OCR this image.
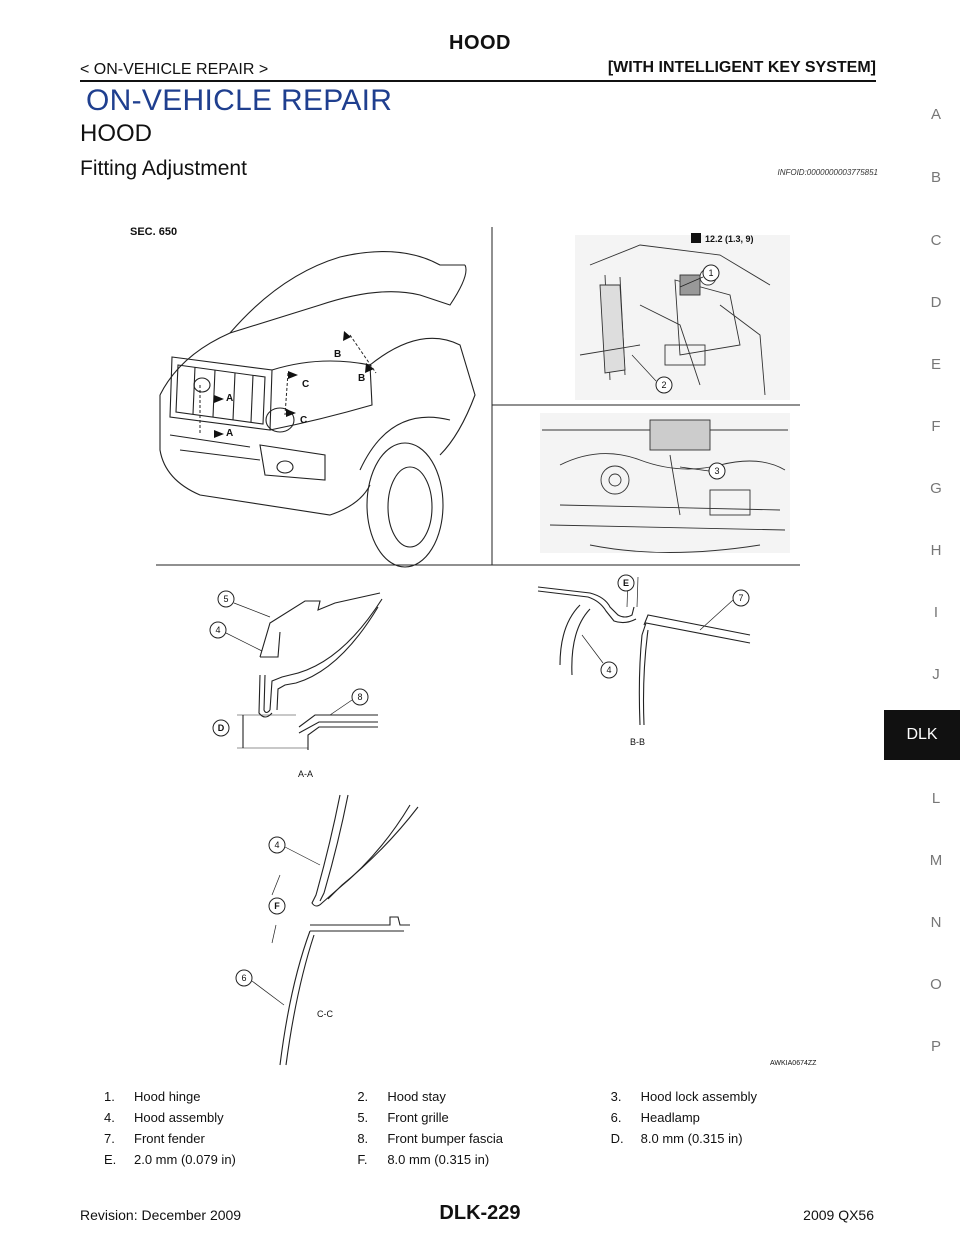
HOOD
< ON-VEHICLE REPAIR >	[WITH INTELLIGENT KEY SYSTEM]
ON-VEHICLE REPAIR
HOOD
Fitting Adjustment	INFOID:0000000003775851
A
B
C
D
E
F
G
H
I
J
DLK
L
M
N
O
P
SEC. 650
12.2 (1.3, 9)
A
A
B
B
C
C
A-A
B-B
C-C
AWKIA0674ZZ
1
2
3
4
4
4
5
6
7
8
D
E
F
1.	Hood hinge	2.	Hood stay	3.	Hood lock assembly
4.	Hood assembly	5.	Front grille	6.	Headlamp
7.	Front fender	8.	Front bumper fascia	D.	8.0 mm (0.315 in)
E.	2.0 mm (0.079 in)	F.	8.0 mm (0.315 in)
Revision: December 2009	DLK-229	2009 QX56
